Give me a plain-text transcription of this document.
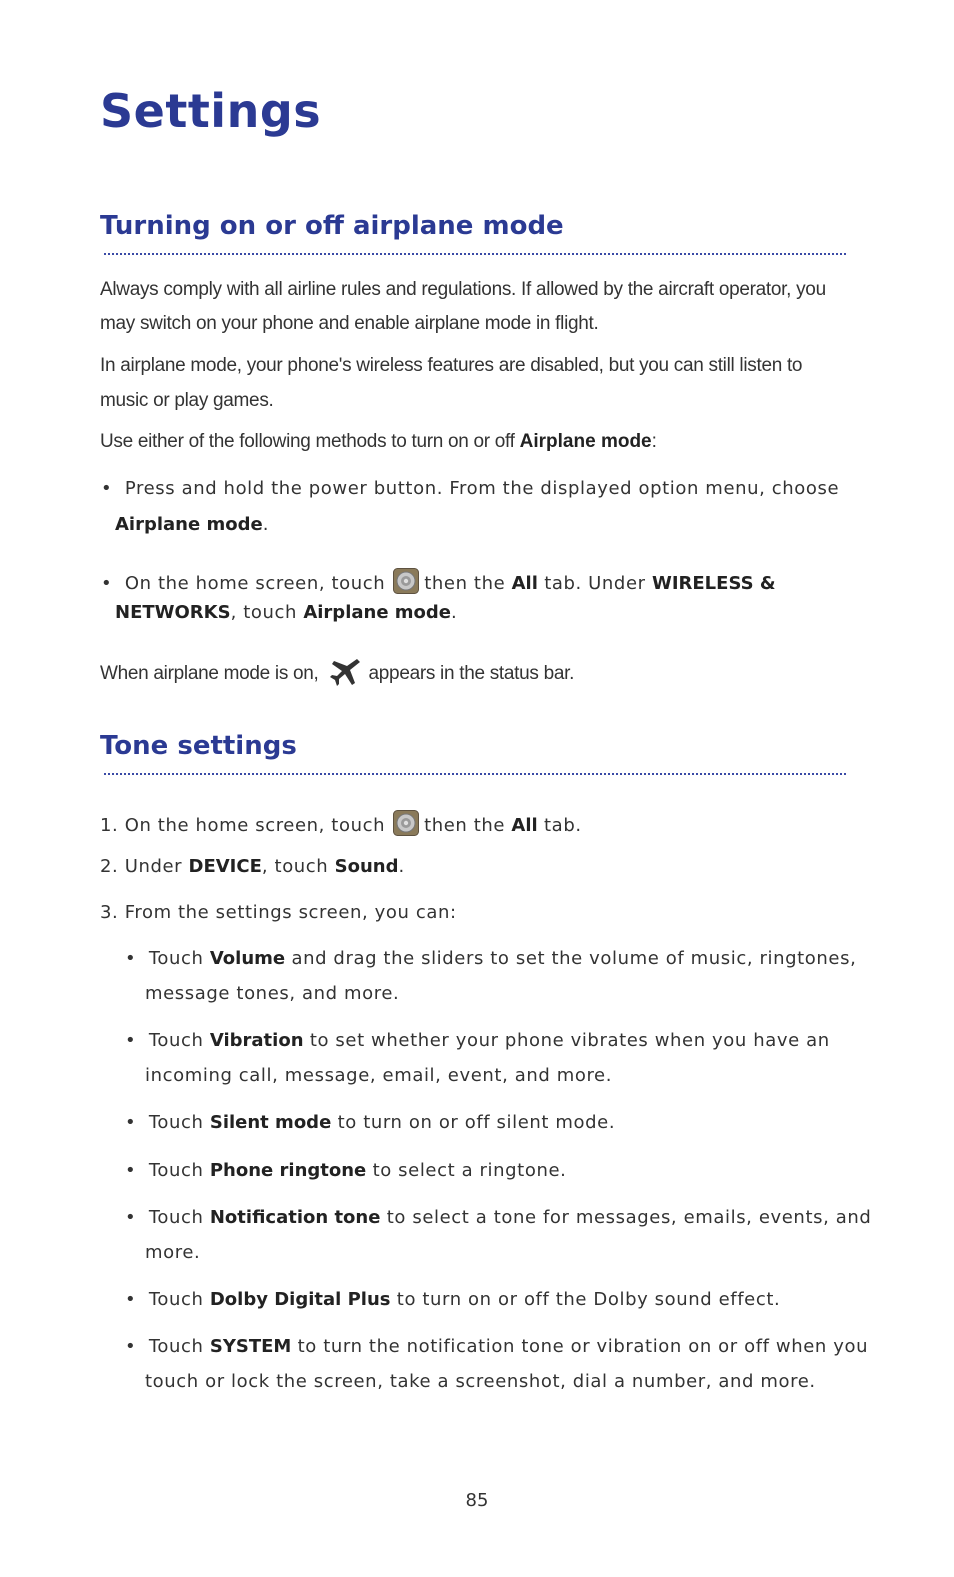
Settings
Turning on or off airplane mode
Always comply with all airline rules and regulations. If allowed by the aircraft operator, you
may switch on your phone and enable airplane mode in flight.
In airplane mode, your phone's wireless features are disabled, but you can still listen to
music or play games.
Use either of the following methods to turn on or off Airplane mode:
• Press and hold the power button. From the displayed option menu, choose
Airplane mode.
• On the home screen, touch then the All tab. Under WIRELESS &
NETWORKS, touch Airplane mode.
When airplane mode is on,	appears in the status bar.
Tone settings
1. On the home screen, touch then the All tab.
2. Under DEVICE, touch Sound.
3. From the settings screen, you can:
• Touch Volume and drag the sliders to set the volume of music, ringtones,
message tones, and more.
• Touch Vibration to set whether your phone vibrates when you have an
incoming call, message, email, event, and more.
• Touch Silent mode to turn on or off silent mode.
• Touch Phone ringtone to select a ringtone.
• Touch Notification tone to select a tone for messages, emails, events, and
more.
• Touch Dolby Digital Plus to turn on or off the Dolby sound effect.
• Touch SYSTEM to turn the notification tone or vibration on or off when you
touch or lock the screen, take a screenshot, dial a number, and more.
85
